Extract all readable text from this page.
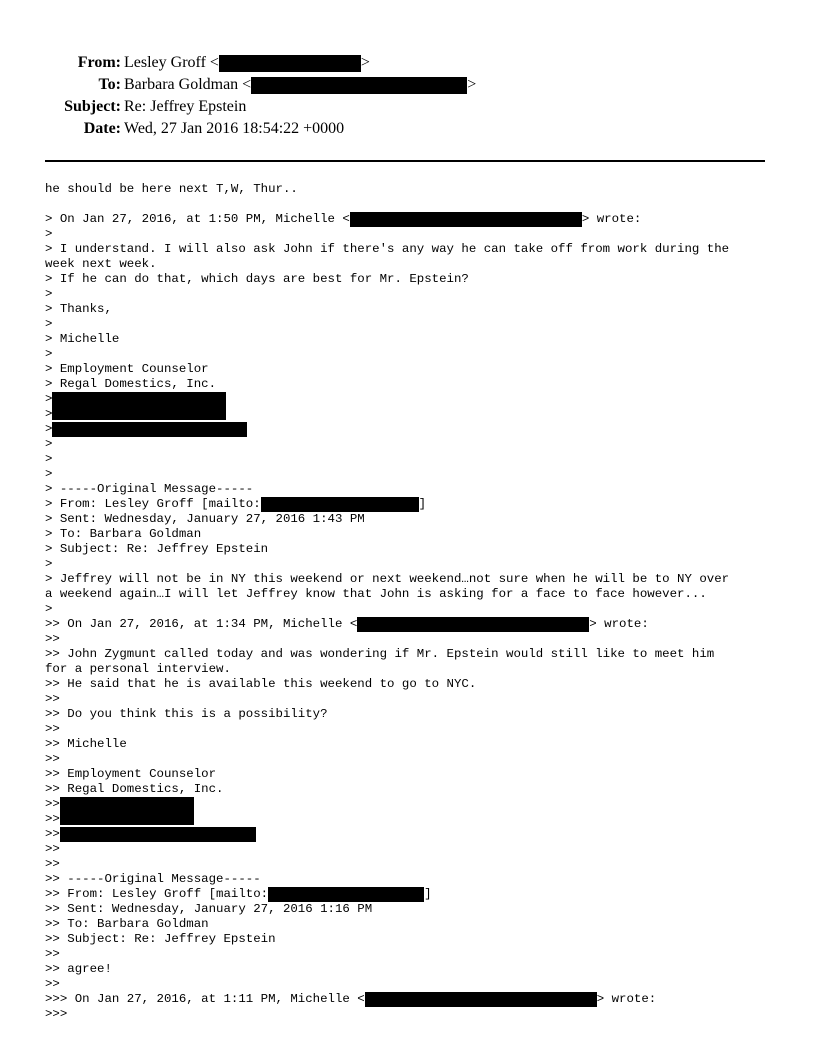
From: Lesley Groff <	>
To: Barbara Goldman <	>
Subject: Re: Jeffrey Epstein
Date: Wed, 27 Jan 2016 18:54:22 +0000
he should be here next T,W, Thur..
> On Jan 27, 2016, at 1:50 PM, Michelle <	> wrote:
>
> I understand. I will also ask John if there's any way he can take off from work during the
week next week.
> If he can do that, which days are best for Mr. Epstein?
>
> Thanks,
>
> Michelle
>
> Employment Counselor
> Regal Domestics, Inc.
>
>
>
>
>
>
> -----Original Message-----
> From: Lesley Groff [mailto:	]
> Sent: Wednesday, January 27, 2016 1:43 PM
> To: Barbara Goldman
> Subject: Re: Jeffrey Epstein
>
> Jeffrey will not be in NY this weekend or next weekend…not sure when he will be to NY over
a weekend again…I will let Jeffrey know that John is asking for a face to face however...
>
>> On Jan 27, 2016, at 1:34 PM, Michelle <	> wrote:
>>
>> John Zygmunt called today and was wondering if Mr. Epstein would still like to meet him
for a personal interview.
>> He said that he is available this weekend to go to NYC.
>>
>> Do you think this is a possibility?
>>
>> Michelle
>>
>> Employment Counselor
>> Regal Domestics, Inc.
>>
>>
>>
>>
>>
>> -----Original Message-----
>> From: Lesley Groff [mailto:	]
>> Sent: Wednesday, January 27, 2016 1:16 PM
>> To: Barbara Goldman
>> Subject: Re: Jeffrey Epstein
>>
>> agree!
>>
>>> On Jan 27, 2016, at 1:11 PM, Michelle <	> wrote:
>>>
